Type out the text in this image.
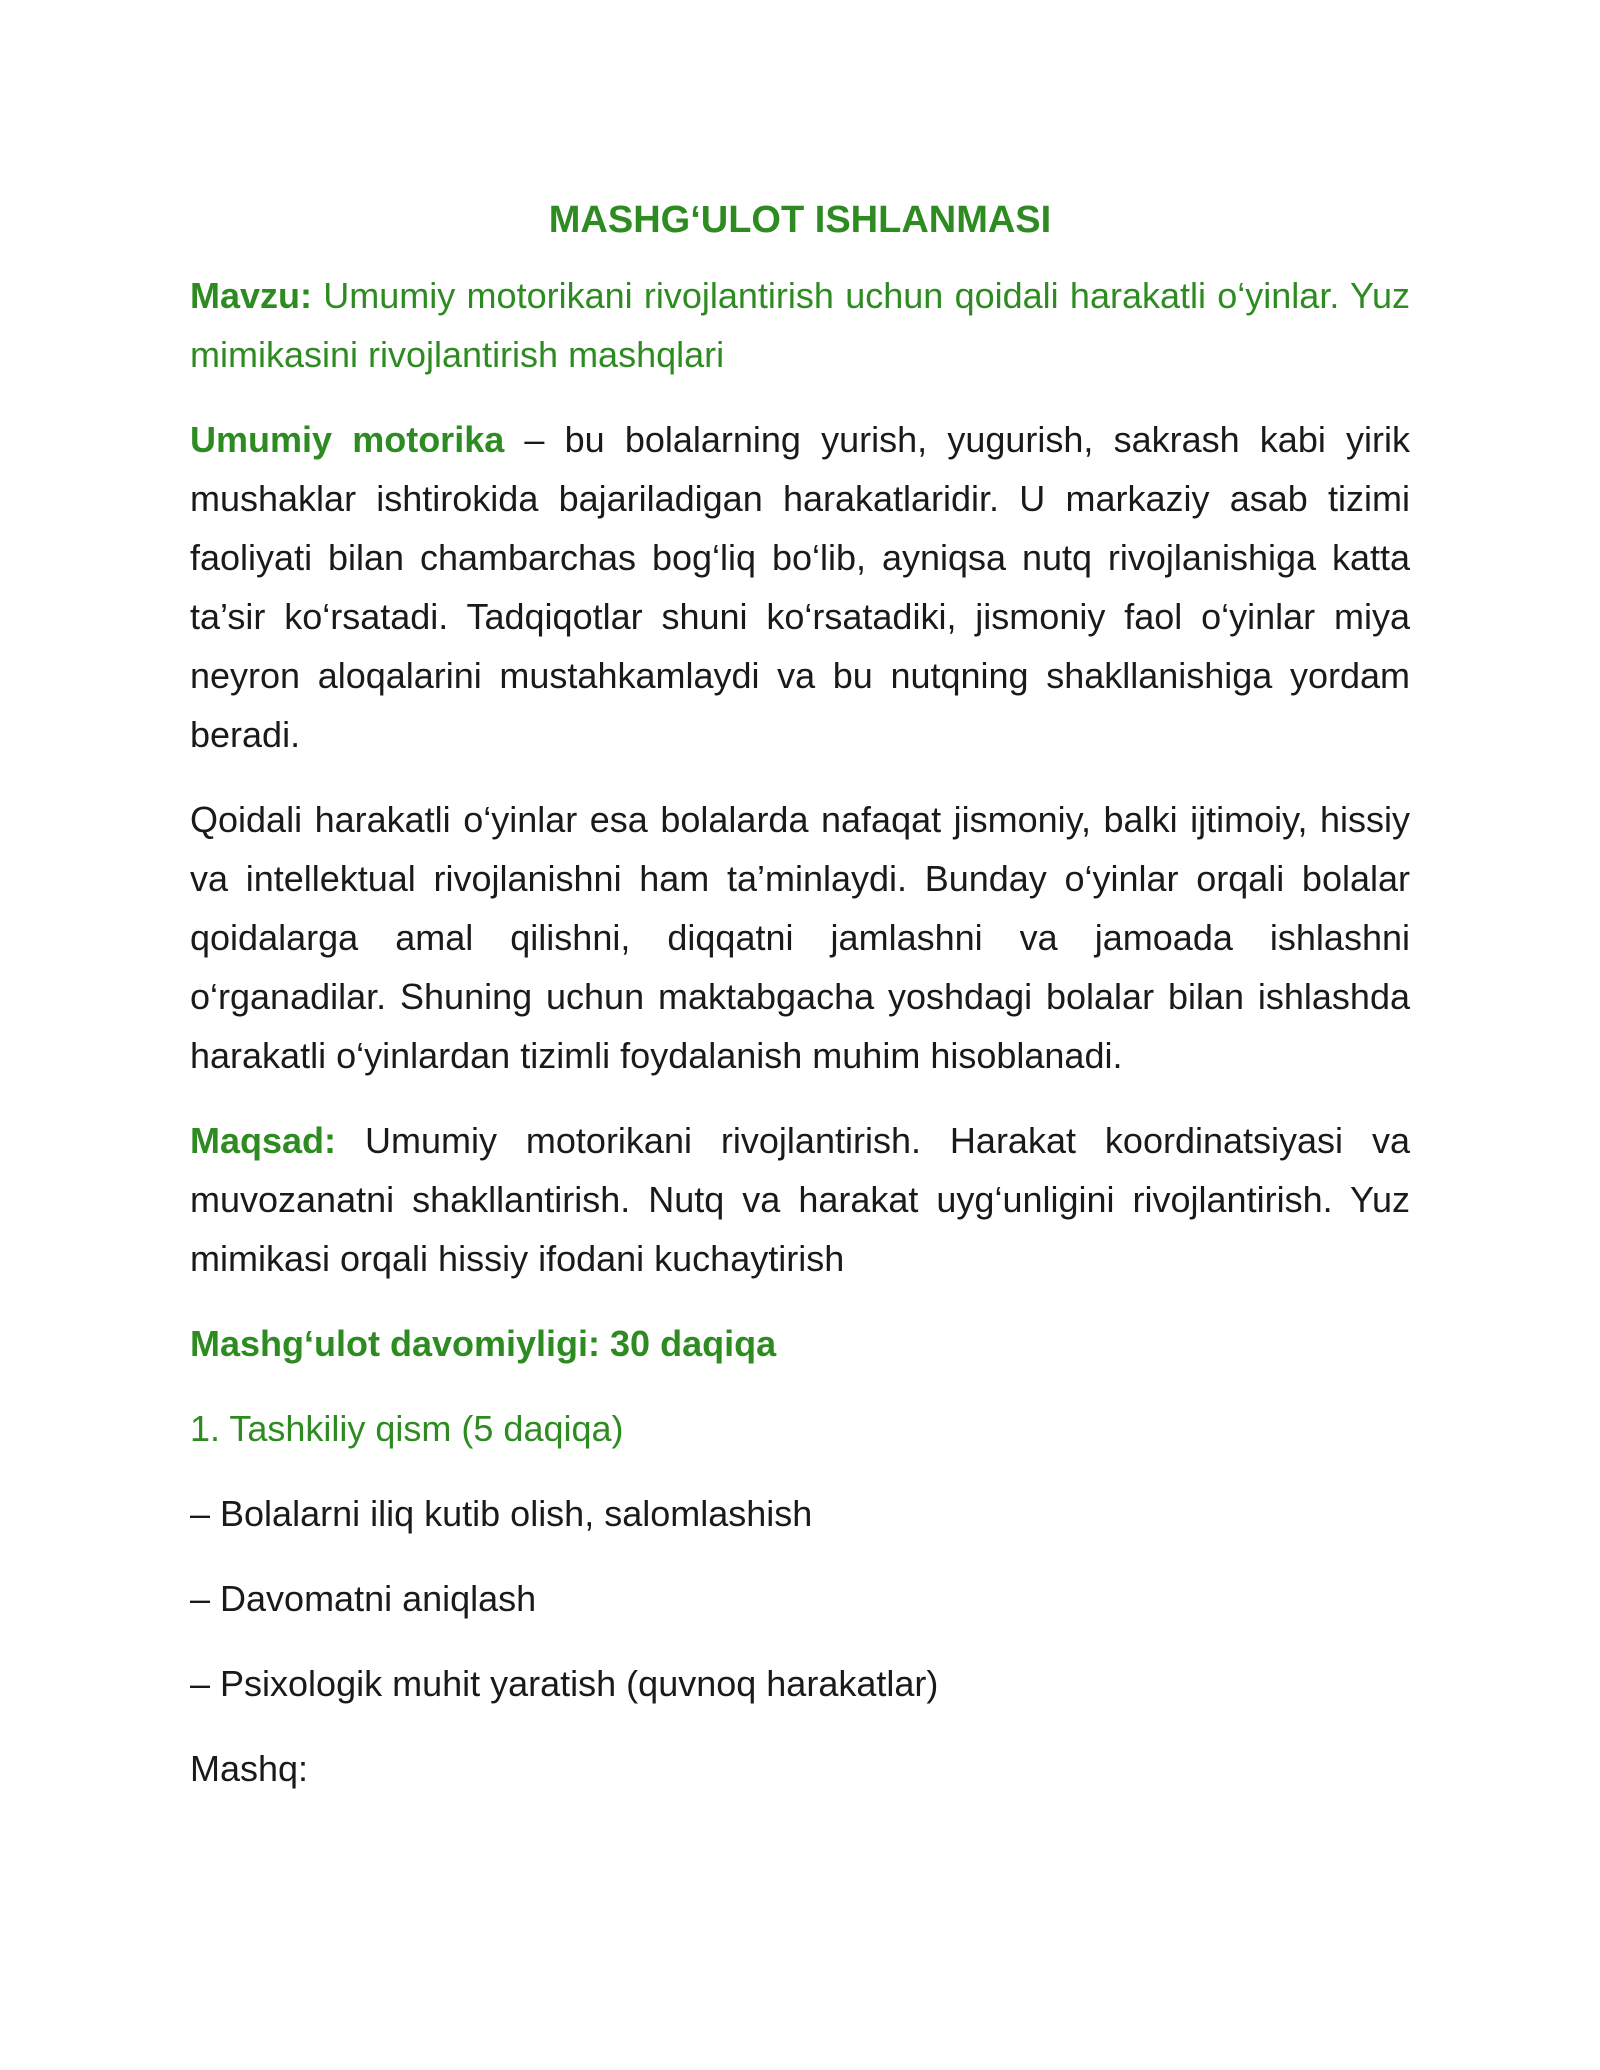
MASHG‘ULOT ISHLANMASI

Mavzu: Umumiy motorikani rivojlantirish uchun qoidali harakatli o‘yinlar. Yuz mimikasini rivojlantirish mashqlari

Umumiy motorika – bu bolalarning yurish, yugurish, sakrash kabi yirik mushaklar ishtirokida bajariladigan harakatlaridir. U markaziy asab tizimi faoliyati bilan chambarchas bog‘liq bo‘lib, ayniqsa nutq rivojlanishiga katta ta’sir ko‘rsatadi. Tadqiqotlar shuni ko‘rsatadiki, jismoniy faol o‘yinlar miya neyron aloqalarini mustahkamlaydi va bu nutqning shakllanishiga yordam beradi.

Qoidali harakatli o‘yinlar esa bolalarda nafaqat jismoniy, balki ijtimoiy, hissiy va intellektual rivojlanishni ham ta’minlaydi. Bunday o‘yinlar orqali bolalar qoidalarga amal qilishni, diqqatni jamlashni va jamoada ishlashni o‘rganadilar. Shuning uchun maktabgacha yoshdagi bolalar bilan ishlashda harakatli o‘yinlardan tizimli foydalanish muhim hisoblanadi.

Maqsad: Umumiy motorikani rivojlantirish. Harakat koordinatsiyasi va muvozanatni shakllantirish. Nutq va harakat uyg‘unligini rivojlantirish. Yuz mimikasi orqali hissiy ifodani kuchaytirish

Mashg‘ulot davomiyligi: 30 daqiqa

1. Tashkiliy qism (5 daqiqa)

– Bolalarni iliq kutib olish, salomlashish

– Davomatni aniqlash

– Psixologik muhit yaratish (quvnoq harakatlar)

Mashq:
